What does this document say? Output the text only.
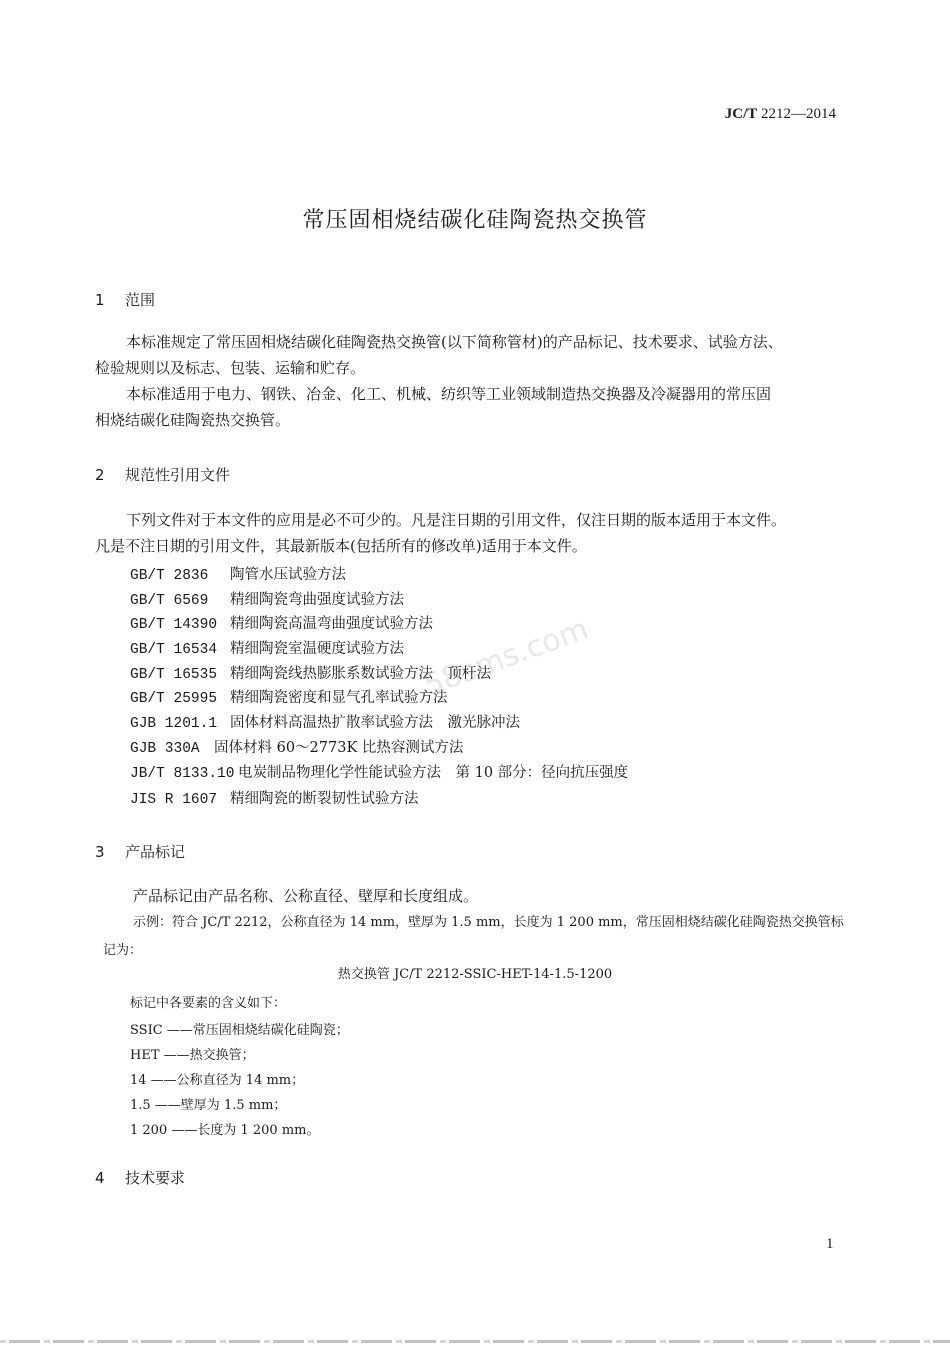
JC/T 2212—2014
常压固相烧结碳化硅陶瓷热交换管
58sms.com
1 范围
本标准规定了常压固相烧结碳化硅陶瓷热交换管(以下简称管材)的产品标记、技术要求、试验方法、
检验规则以及标志、包装、运输和贮存。
本标准适用于电力、钢铁、冶金、化工、机械、纺织等工业领域制造热交换器及冷凝器用的常压固
相烧结碳化硅陶瓷热交换管。
2 规范性引用文件
下列文件对于本文件的应用是必不可少的。凡是注日期的引用文件，仅注日期的版本适用于本文件。
凡是不注日期的引用文件，其最新版本(包括所有的修改单)适用于本文件。
GB/T 2836 陶管水压试验方法
GB/T 6569 精细陶瓷弯曲强度试验方法
GB/T 14390 精细陶瓷高温弯曲强度试验方法
GB/T 16534 精细陶瓷室温硬度试验方法
GB/T 16535 精细陶瓷线热膨胀系数试验方法　顶杆法
GB/T 25995 精细陶瓷密度和显气孔率试验方法
GJB 1201.1 固体材料高温热扩散率试验方法　激光脉冲法
GJB 330A 固体材料 60～2773K 比热容测试方法
JB/T 8133.10 电炭制品物理化学性能试验方法　第 10 部分：径向抗压强度
JIS R 1607 精细陶瓷的断裂韧性试验方法
3 产品标记
产品标记由产品名称、公称直径、壁厚和长度组成。
示例：符合 JC/T 2212，公称直径为 14 mm，壁厚为 1.5 mm，长度为 1 200 mm，常压固相烧结碳化硅陶瓷热交换管标
记为：
热交换管 JC/T 2212-SSIC-HET-14-1.5-1200
标记中各要素的含义如下：
SSIC ——常压固相烧结碳化硅陶瓷；
HET ——热交换管；
14 ——公称直径为 14 mm；
1.5 ——壁厚为 1.5 mm；
1 200 ——长度为 1 200 mm。
4 技术要求
1
